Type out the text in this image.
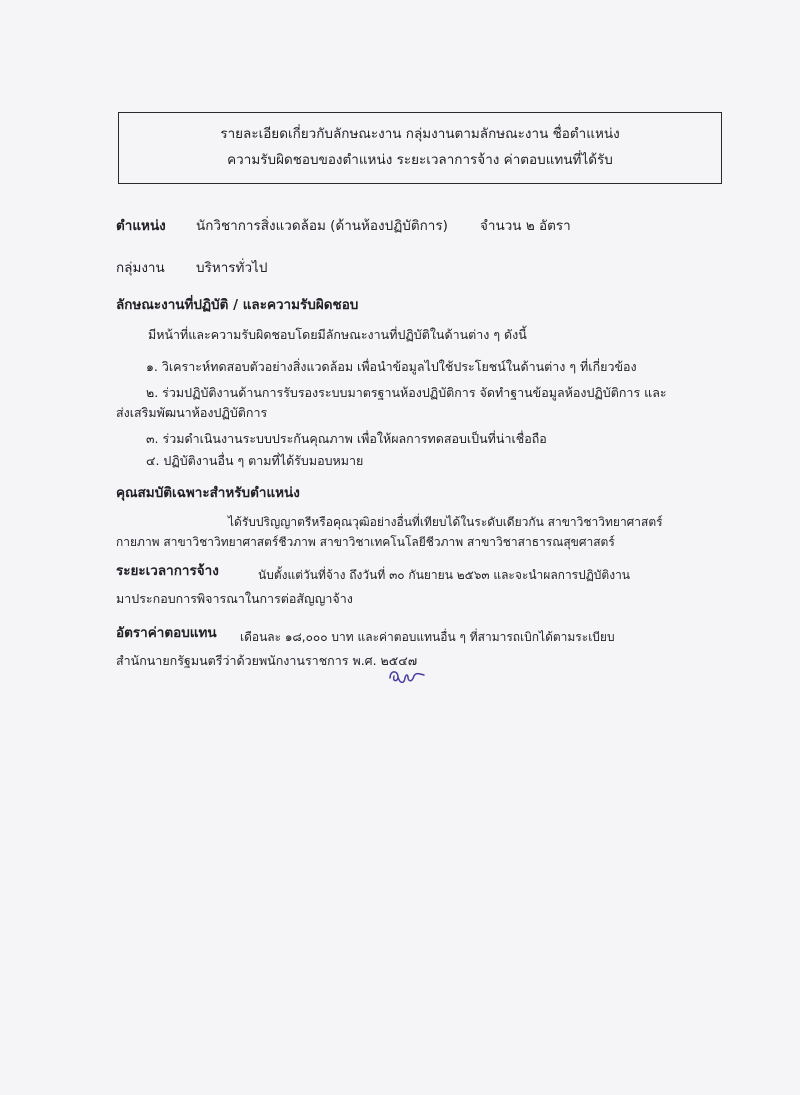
รายละเอียดเกี่ยวกับลักษณะงาน กลุ่มงานตามลักษณะงาน ชื่อตำแหน่ง
ความรับผิดชอบของตำแหน่ง ระยะเวลาการจ้าง ค่าตอบแทนที่ได้รับ
ตำแหน่ง นักวิชาการสิ่งแวดล้อม (ด้านห้องปฏิบัติการ) จำนวน ๒ อัตรา
กลุ่มงาน บริหารทั่วไป
ลักษณะงานที่ปฏิบัติ / และความรับผิดชอบ
มีหน้าที่และความรับผิดชอบโดยมีลักษณะงานที่ปฏิบัติในด้านต่าง ๆ ดังนี้
๑. วิเคราะห์ทดสอบตัวอย่างสิ่งแวดล้อม เพื่อนำข้อมูลไปใช้ประโยชน์ในด้านต่าง ๆ ที่เกี่ยวข้อง
๒. ร่วมปฏิบัติงานด้านการรับรองระบบมาตรฐานห้องปฏิบัติการ จัดทำฐานข้อมูลห้องปฏิบัติการ และ
ส่งเสริมพัฒนาห้องปฏิบัติการ
๓. ร่วมดำเนินงานระบบประกันคุณภาพ เพื่อให้ผลการทดสอบเป็นที่น่าเชื่อถือ
๔. ปฏิบัติงานอื่น ๆ ตามที่ได้รับมอบหมาย
คุณสมบัติเฉพาะสำหรับตำแหน่ง
ได้รับปริญญาตรีหรือคุณวุฒิอย่างอื่นที่เทียบได้ในระดับเดียวกัน สาขาวิชาวิทยาศาสตร์
กายภาพ สาขาวิชาวิทยาศาสตร์ชีวภาพ สาขาวิชาเทคโนโลยีชีวภาพ สาขาวิชาสาธารณสุขศาสตร์
ระยะเวลาการจ้าง	นับตั้งแต่วันที่จ้าง ถึงวันที่ ๓๐ กันยายน ๒๕๖๓ และจะนำผลการปฏิบัติงาน
มาประกอบการพิจารณาในการต่อสัญญาจ้าง
อัตราค่าตอบแทน เดือนละ ๑๘,๐๐๐ บาท และค่าตอบแทนอื่น ๆ ที่สามารถเบิกได้ตามระเบียบ
สำนักนายกรัฐมนตรีว่าด้วยพนักงานราชการ พ.ศ. ๒๕๔๗
